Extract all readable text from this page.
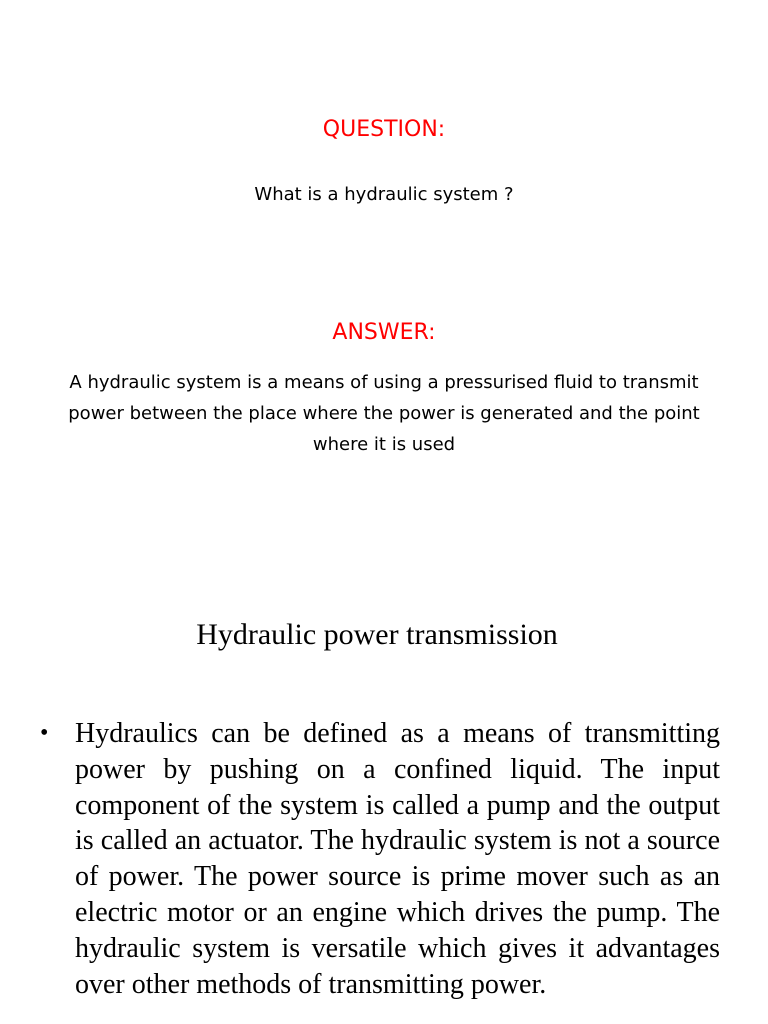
QUESTION:

What is a hydraulic system ?

ANSWER:

A hydraulic system is a means of using a pressurised fluid to transmit power between the place where the power is generated and the point where it is used

Hydraulic power transmission
• Hydraulics can be defined as a means of transmitting power by pushing on a confined liquid. The input component of the system is called a pump and the output is called an actuator. The hydraulic system is not a source of power. The power source is prime mover such as an electric motor or an engine which drives the pump. The hydraulic system is versatile which gives it advantages over other methods of transmitting power.
